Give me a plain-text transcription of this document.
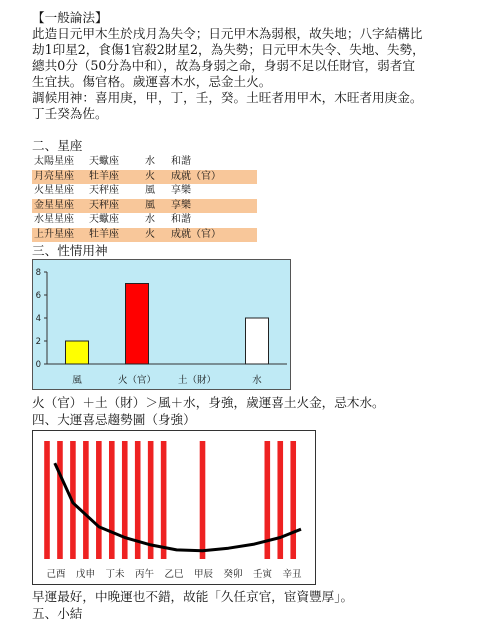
【一般論法】
此造日元甲木生於戌月為失令；日元甲木為弱根，故失地；八字結構比
劫1印星2，食傷1官殺2財星2，為失勢；日元甲木失令、失地、失勢，
總共0分（50分為中和），故為身弱之命，身弱不足以任財官，弱者宜
生宜扶。傷官格。歲運喜木水，忌金土火。
調候用神：喜用庚，甲，丁，壬，癸。土旺者用甲木，木旺者用庚金。
丁壬癸為佐。
二、星座
太陽星座	天蠍座	水	和諧
月亮星座	牡羊座	火	成就（官）
火星星座	天秤座	風	享樂
金星星座	天秤座	風	享樂
水星星座	天蠍座	水	和諧
上升星座	牡羊座	火	成就（官）
三、性情用神
0
2
4
6
8
風	火（官） 土（財）	水
火（官）＋土（財）＞風＋水，身強，歲運喜土火金，忌木水。
四、大運喜忌趨勢圖（身強）
己酉 戊申 丁未 丙午 乙巳 甲辰 癸卯 壬寅 辛丑
早運最好，中晚運也不錯，故能「久任京官，宦資豐厚」。
五、小結
